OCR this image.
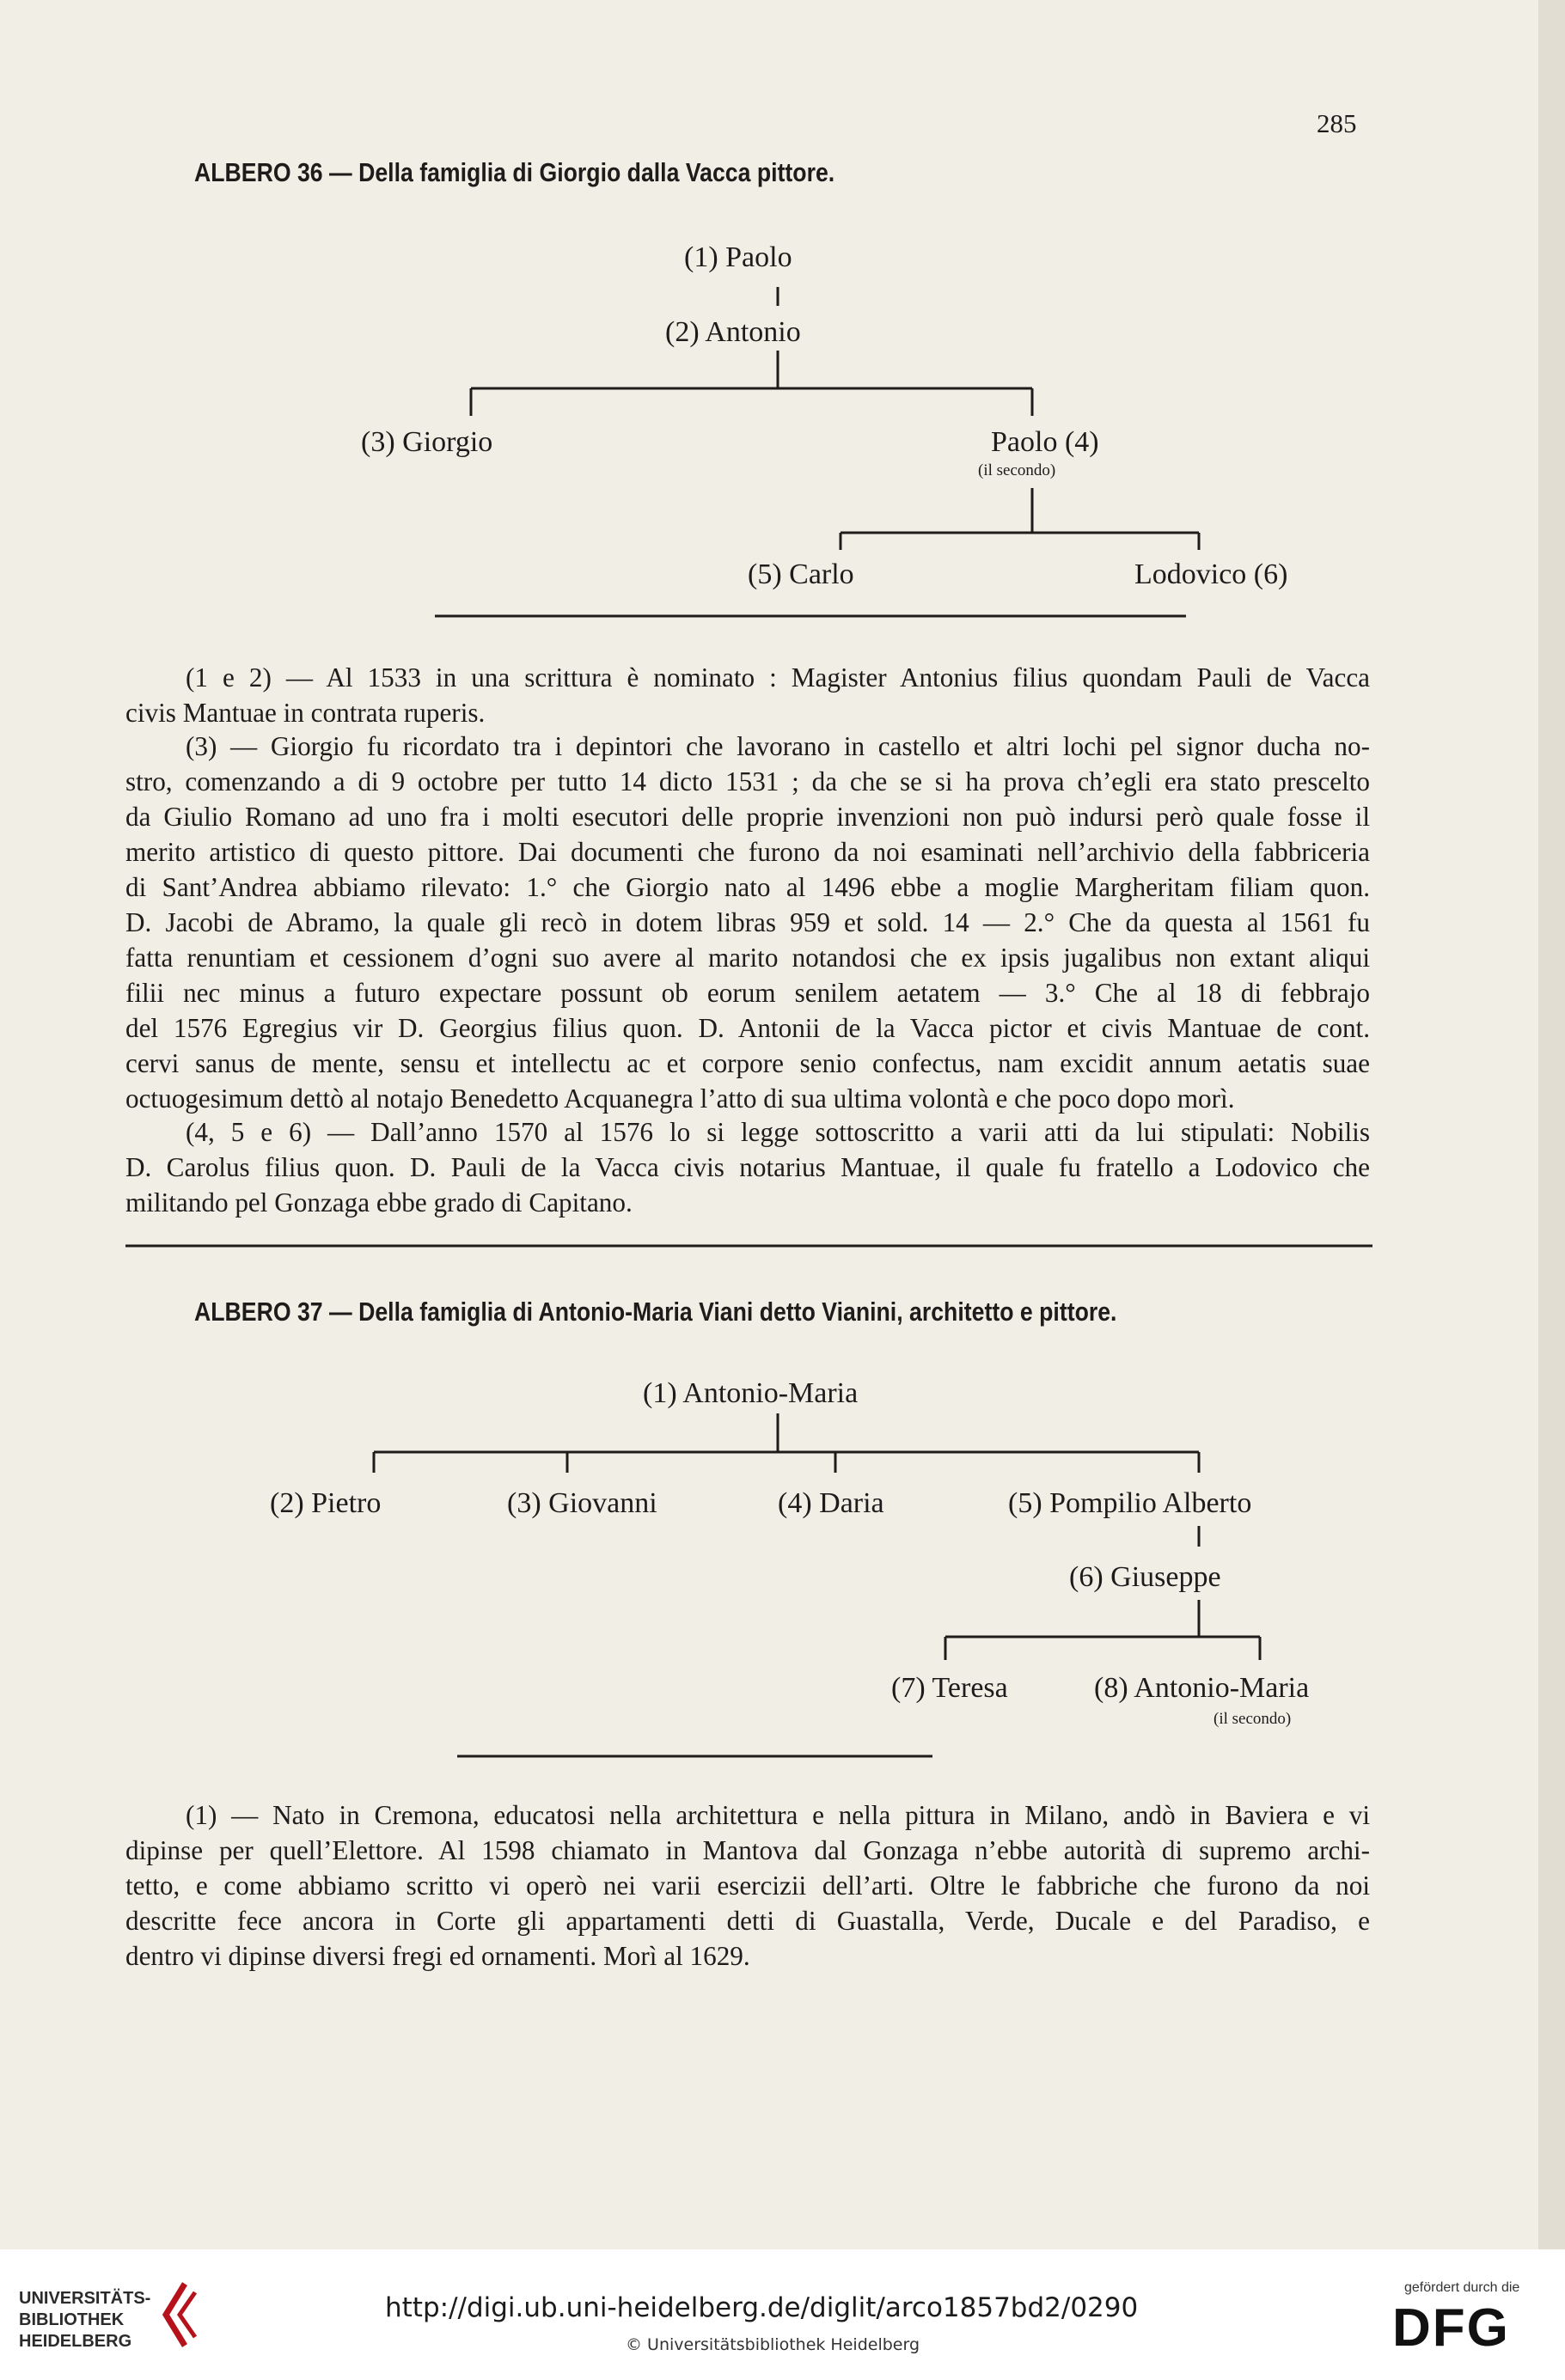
285
ALBERO 36 — Della famiglia di Giorgio dalla Vacca pittore.
(1) Paolo
(2) Antonio
(3) Giorgio	Paolo (4)
(il secondo)
(5) Carlo	Lodovico (6)
(1) Antonio-Maria
(2) Pietro	(3) Giovanni	(4) Daria	(5) Pompilio Alberto
(6) Giuseppe
(7) Teresa	(8) Antonio-Maria
(il secondo)
(1 e 2) — Al 1533 in una scrittura è nominato : Magister Antonius filius quondam Pauli de Vacca
civis Mantuae in contrata ruperis.
(3) — Giorgio fu ricordato tra i depintori che lavorano in castello et altri lochi pel signor ducha no-
stro, comenzando a di 9 octobre per tutto 14 dicto 1531 ; da che se si ha prova ch’egli era stato prescelto
da Giulio Romano ad uno fra i molti esecutori delle proprie invenzioni non può indursi però quale fosse il
merito artistico di questo pittore. Dai documenti che furono da noi esaminati nell’archivio della fabbriceria
di Sant’Andrea abbiamo rilevato: 1.° che Giorgio nato al 1496 ebbe a moglie Margheritam filiam quon.
D. Jacobi de Abramo, la quale gli recò in dotem libras 959 et sold. 14 — 2.° Che da questa al 1561 fu
fatta renuntiam et cessionem d’ogni suo avere al marito notandosi che ex ipsis jugalibus non extant aliqui
filii nec minus a futuro expectare possunt ob eorum senilem aetatem — 3.° Che al 18 di febbrajo
del 1576 Egregius vir D. Georgius filius quon. D. Antonii de la Vacca pictor et civis Mantuae de cont.
cervi sanus de mente, sensu et intellectu ac et corpore senio confectus, nam excidit annum aetatis suae
octuogesimum dettò al notajo Benedetto Acquanegra l’atto di sua ultima volontà e che poco dopo morì.
(4, 5 e 6) — Dall’anno 1570 al 1576 lo si legge sottoscritto a varii atti da lui stipulati: Nobilis
D. Carolus filius quon. D. Pauli de la Vacca civis notarius Mantuae, il quale fu fratello a Lodovico che
militando pel Gonzaga ebbe grado di Capitano.
ALBERO 37 — Della famiglia di Antonio-Maria Viani detto Vianini, architetto e pittore.
(1) — Nato in Cremona, educatosi nella architettura e nella pittura in Milano, andò in Baviera e vi
dipinse per quell’Elettore. Al 1598 chiamato in Mantova dal Gonzaga n’ebbe autorità di supremo archi-
tetto, e come abbiamo scritto vi operò nei varii esercizii dell’arti. Oltre le fabbriche che furono da noi
descritte fece ancora in Corte gli appartamenti detti di Guastalla, Verde, Ducale e del Paradiso, e
dentro vi dipinse diversi fregi ed ornamenti. Morì al 1629.
UNIVERSITÄTS-
BIBLIOTHEK
HEIDELBERG
http://digi.ub.uni-heidelberg.de/diglit/arco1857bd2/0290
© Universitätsbibliothek Heidelberg
gefördert durch die
DFG
